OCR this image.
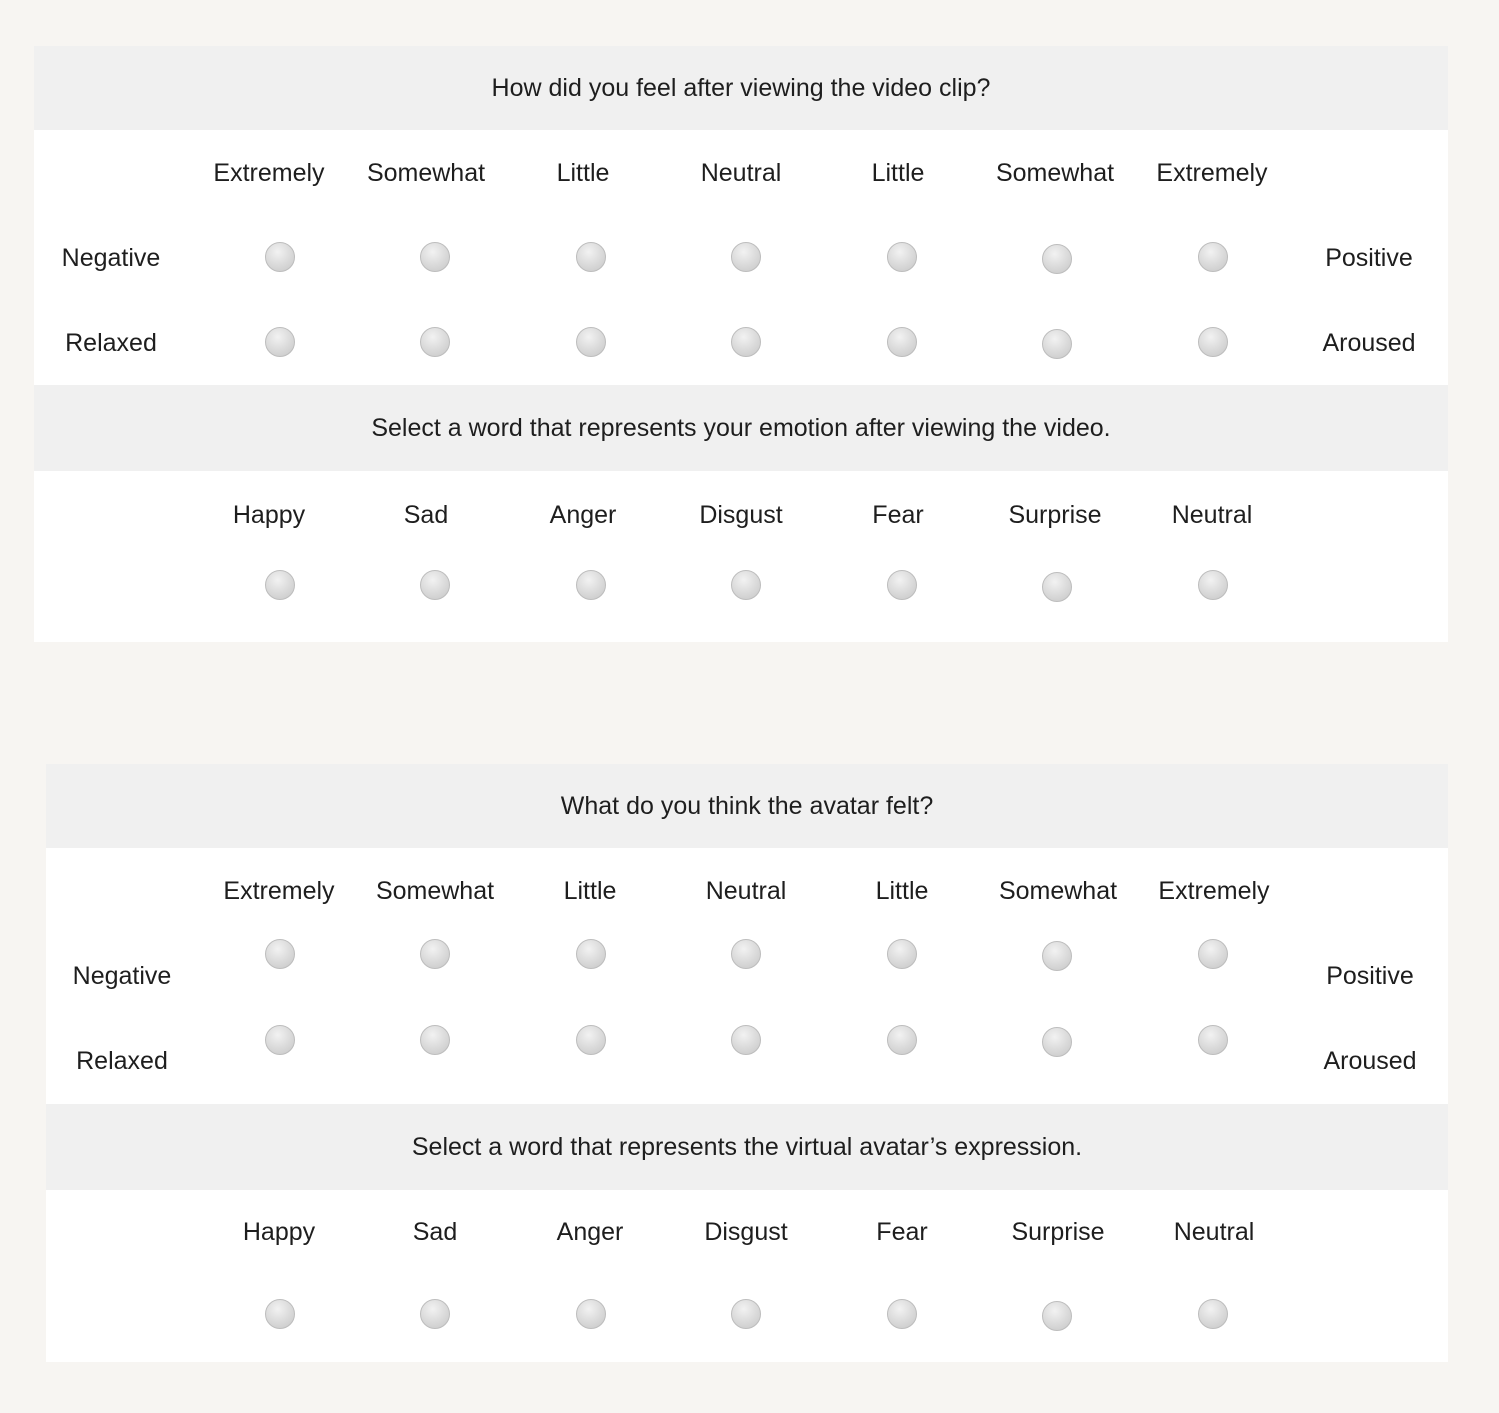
How did you feel after viewing the video clip?
Extremely	Somewhat	Little	Neutral	Little	Somewhat	Extremely
Negative	Positive
Relaxed	Aroused
Select a word that represents your emotion after viewing the video.
Happy	Sad	Anger	Disgust	Fear	Surprise	Neutral
What do you think the avatar felt?
Extremely	Somewhat	Little	Neutral	Little	Somewhat	Extremely
Negative	Positive
Relaxed	Aroused
Select a word that represents the virtual avatar’s expression.
Happy	Sad	Anger	Disgust	Fear	Surprise	Neutral
